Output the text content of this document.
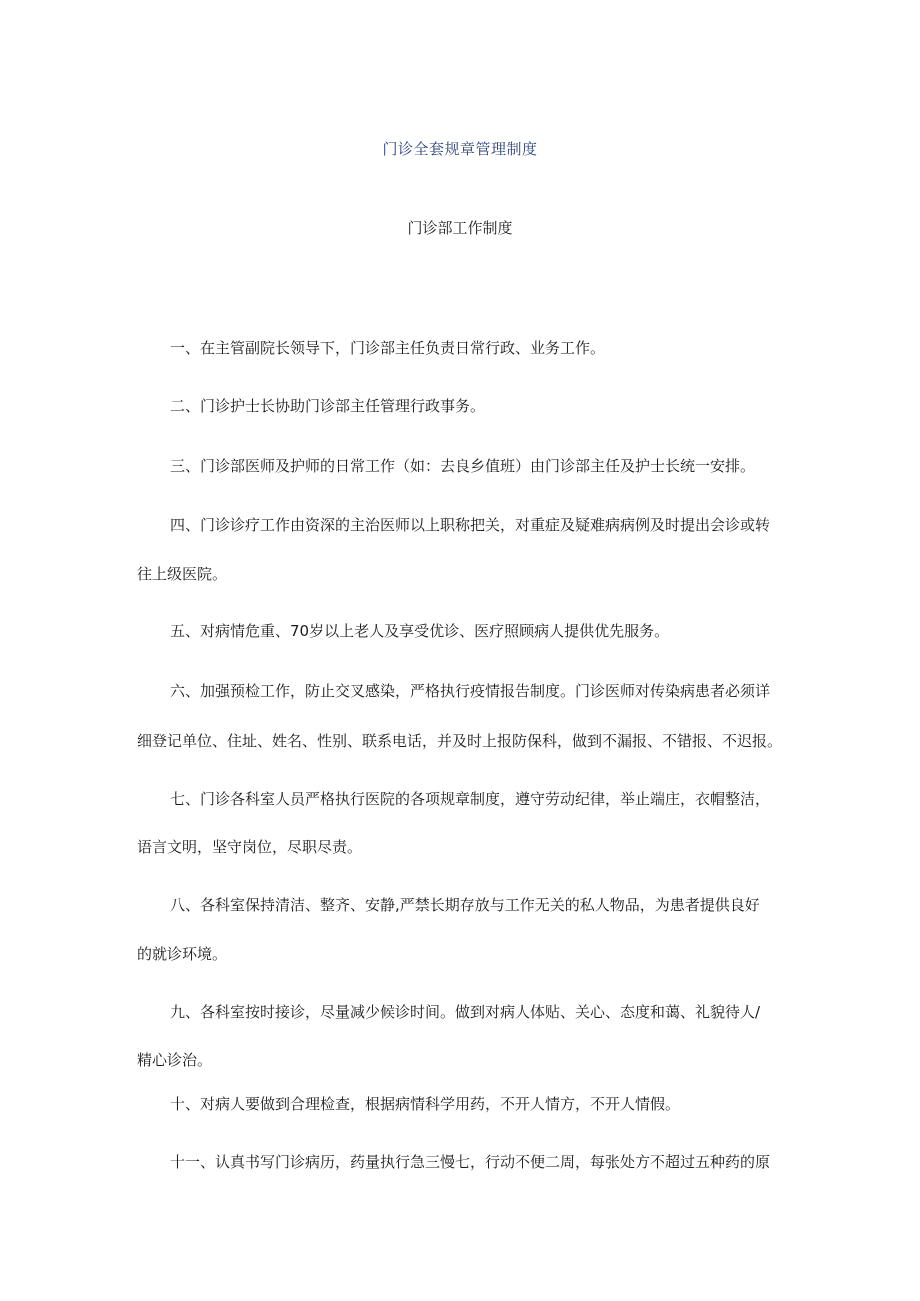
门诊全套规章管理制度
门诊部工作制度

一、在主管副院长领导下，门诊部主任负责日常行政、业务工作。

二、门诊护士长协助门诊部主任管理行政事务。

三、门诊部医师及护师的日常工作（如：去良乡值班）由门诊部主任及护士长统一安排。

四、门诊诊疗工作由资深的主治医师以上职称把关，对重症及疑难病病例及时提出会诊或转

往上级医院。

五、对病情危重、70岁以上老人及享受优诊、医疗照顾病人提供优先服务。

六、加强预检工作，防止交叉感染，严格执行疫情报告制度。门诊医师对传染病患者必须详

细登记单位、住址、姓名、性别、联系电话，并及时上报防保科，做到不漏报、不错报、不迟报。

七、门诊各科室人员严格执行医院的各项规章制度，遵守劳动纪律，举止端庄，衣帽整洁，

语言文明，坚守岗位，尽职尽责。

八、各科室保持清洁、整齐、安静,严禁长期存放与工作无关的私人物品，为患者提供良好

的就诊环境。

九、各科室按时接诊，尽量减少候诊时间。做到对病人体贴、关心、态度和蔼、礼貌待人/

精心诊治。

十、对病人要做到合理检查，根据病情科学用药，不开人情方，不开人情假。

十一、认真书写门诊病历，药量执行急三慢七，行动不便二周，每张处方不超过五种药的原
